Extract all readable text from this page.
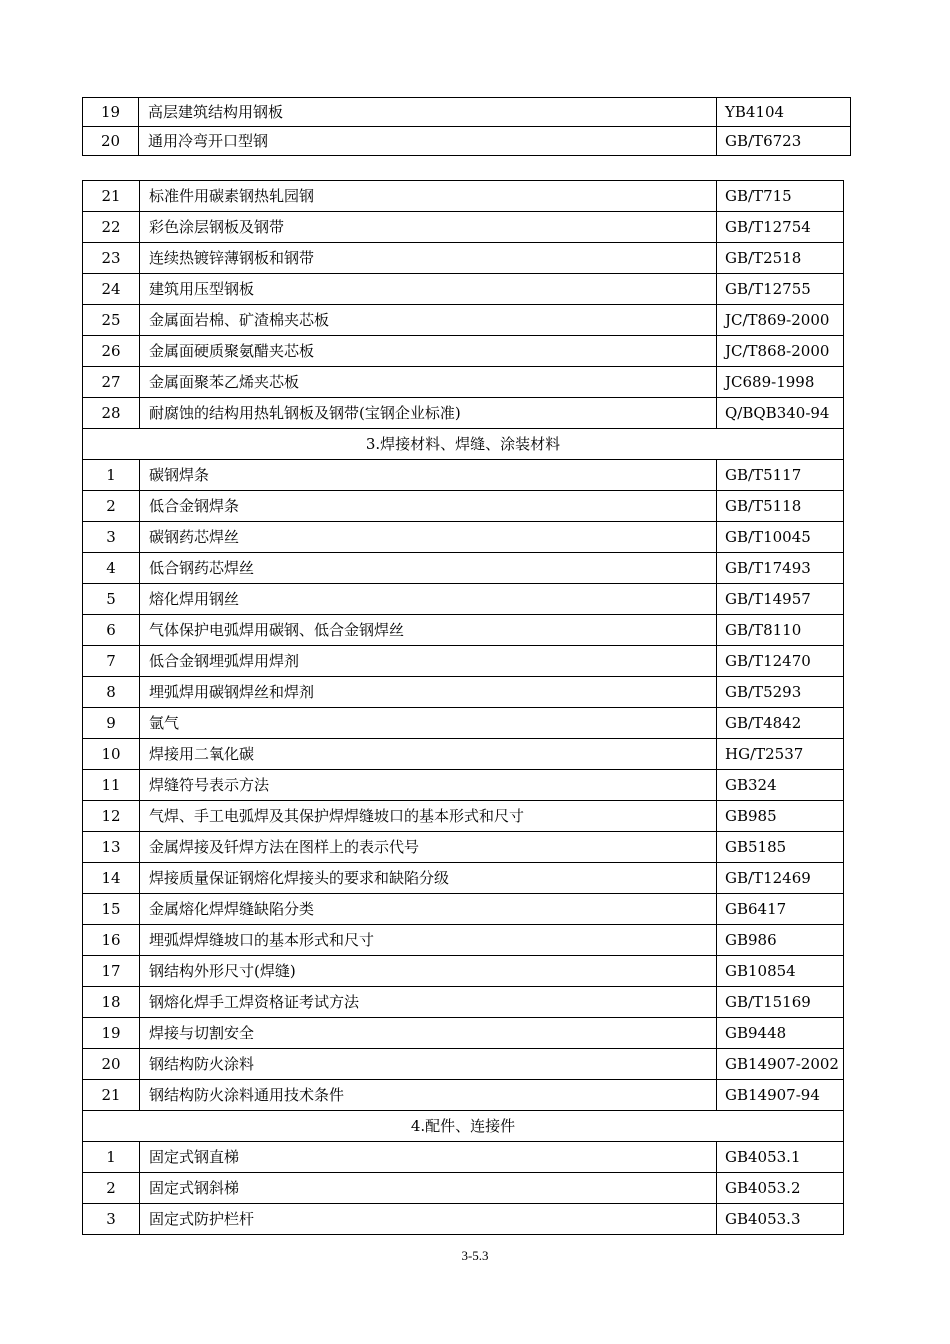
19	高层建筑结构用钢板	YB4104
20	通用冷弯开口型钢	GB/T6723
21	标准件用碳素钢热轧园钢	GB/T715
22	彩色涂层钢板及钢带	GB/T12754
23	连续热镀锌薄钢板和钢带	GB/T2518
24	建筑用压型钢板	GB/T12755
25	金属面岩棉、矿渣棉夹芯板	JC/T869-2000
26	金属面硬质聚氨醋夹芯板	JC/T868-2000
27	金属面聚苯乙烯夹芯板	JC689-1998
28	耐腐蚀的结构用热轧钢板及钢带(宝钢企业标准)	Q/BQB340-94
3.焊接材料、焊缝、涂装材料		
1	碳钢焊条	GB/T5117
2	低合金钢焊条	GB/T5118
3	碳钢药芯焊丝	GB/T10045
4	低合钢药芯焊丝	GB/T17493
5	熔化焊用钢丝	GB/T14957
6	气体保护电弧焊用碳钢、低合金钢焊丝	GB/T8110
7	低合金钢埋弧焊用焊剂	GB/T12470
8	埋弧焊用碳钢焊丝和焊剂	GB/T5293
9	氩气	GB/T4842
10	焊接用二氧化碳	HG/T2537
11	焊缝符号表示方法	GB324
12	气焊、手工电弧焊及其保护焊焊缝坡口的基本形式和尺寸	GB985
13	金属焊接及钎焊方法在图样上的表示代号	GB5185
14	焊接质量保证钢熔化焊接头的要求和缺陷分级	GB/T12469
15	金属熔化焊焊缝缺陷分类	GB6417
16	埋弧焊焊缝坡口的基本形式和尺寸	GB986
17	钢结构外形尺寸(焊缝)	GB10854
18	钢熔化焊手工焊资格证考试方法	GB/T15169
19	焊接与切割安全	GB9448
20	钢结构防火涂料	GB14907-2002
21	钢结构防火涂料通用技术条件	GB14907-94
4.配件、连接件		
1	固定式钢直梯	GB4053.1
2	固定式钢斜梯	GB4053.2
3	固定式防护栏杆	GB4053.3
3-5.3
